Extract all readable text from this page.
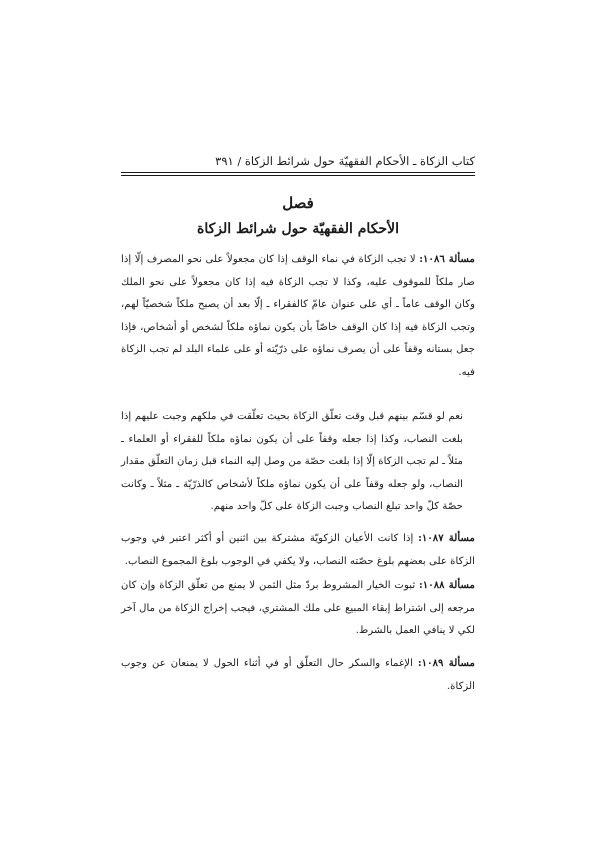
كتاب الزكاة ـ الأحكام الفقهيّة حول شرائط الزكاة / ٣٩١
فصل
الأحكام الفقهيّة حول شرائط الزكاة

مسألة ١٠٨٦: لا تجب الزكاة في نماء الوقف إذا كان مجعولاً على نحو المصرف إلّا إذا صار ملكاً للموقوف عليه، وكذا لا تجب الزكاة فيه إذا كان مجعولاً على نحو الملك وكان الوقف عاماً ـ أي على عنوان عامّ كالفقراء ـ إلّا بعد أن يصبح ملكاً شخصيّاً لهم، وتجب الزكاة فيه إذا كان الوقف خاصّاً بأن يكون نماؤه ملكاً لشخص أو أشخاص، فإذا جعل بستانه وقفاً على أن يصرف نماؤه على ذرّيّته أو على علماء البلد لم تجب الزكاة فيه.

نعم لو قسّم بينهم قبل وقت تعلّق الزكاة بحيث تعلّقت في ملكهم وجبت عليهم إذا بلغت النصاب، وكذا إذا جعله وقفاً على أن يكون نماؤه ملكاً للفقراء أو العلماء ـ مثلاً ـ لم تجب الزكاة إلّا إذا بلغت حصّة من وصل إليه النماء قبل زمان التعلّق مقدار النصاب، ولو جعله وقفاً على أن يكون نماؤه ملكاً لأشخاص كالذرّيّة ـ مثلاً ـ وكانت حصّة كلّ واحد تبلغ النصاب وجبت الزكاة على كلّ واحد منهم.

مسألة ١٠٨٧: إذا كانت الأعيان الزكويّة مشتركة بين اثنين أو أكثر اعتبر في وجوب الزكاة على بعضهم بلوغ حصّته النصاب، ولا يكفي في الوجوب بلوغ المجموع النصاب.

مسألة ١٠٨٨: ثبوت الخيار المشروط بردّ مثل الثمن لا يمنع من تعلّق الزكاة وإن كان مرجعه إلى اشتراط إبقاء المبيع على ملك المشتري، فيجب إخراج الزكاة من مال آخر لكي لا ينافي العمل بالشرط.

مسألة ١٠٨٩: الإغماء والسكر حال التعلّق أو في أثناء الحول لا يمنعان عن وجوب الزكاة.
